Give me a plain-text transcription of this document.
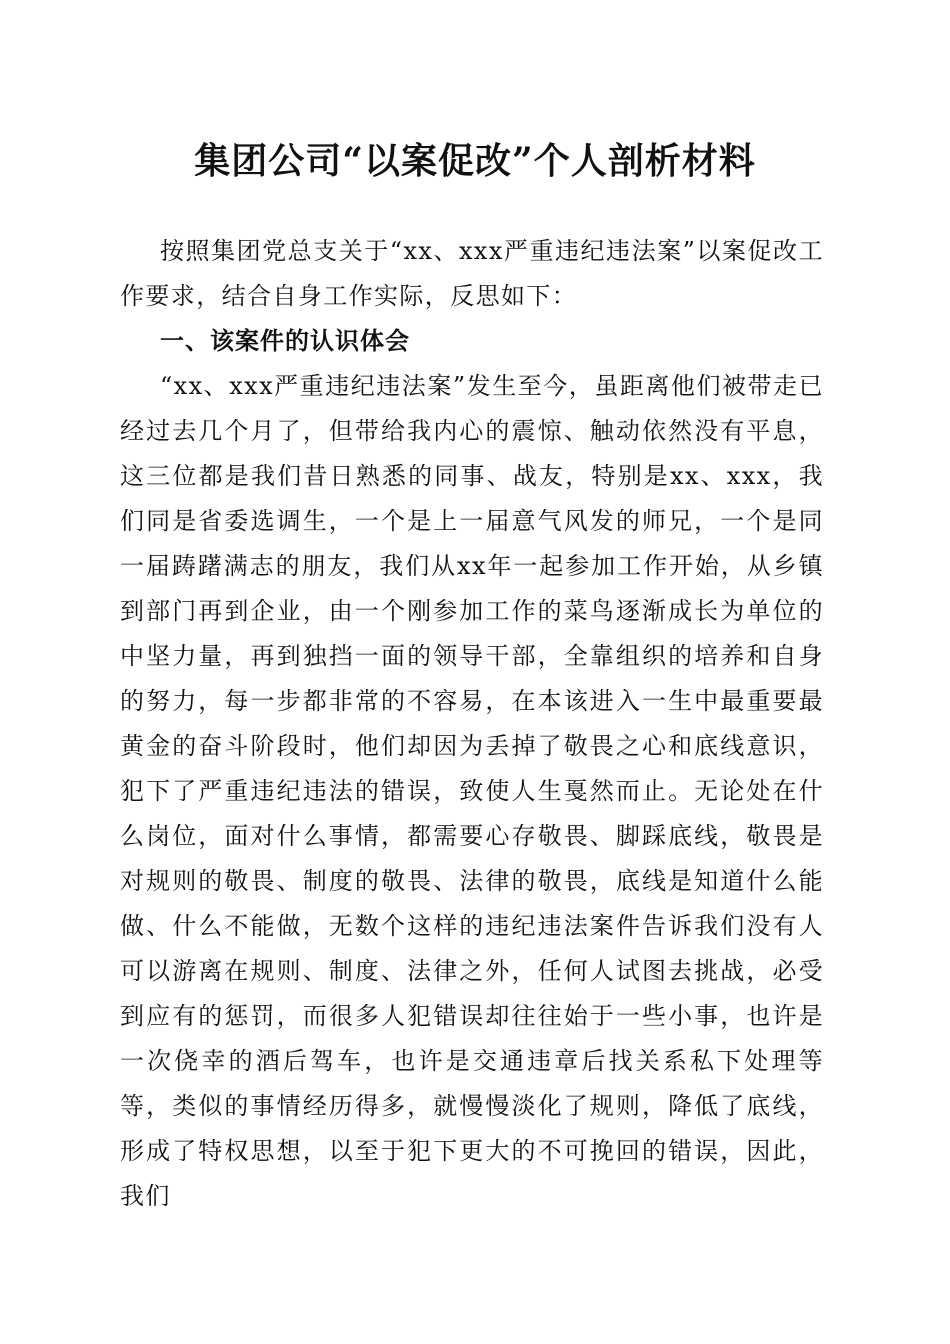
集团公司“以案促改”个人剖析材料

按照集团党总支关于“xx、xxx严重违纪违法案”以案促改工作要求，结合自身工作实际，反思如下：

一、该案件的认识体会

“xx、xxx严重违纪违法案”发生至今，虽距离他们被带走已经过去几个月了，但带给我内心的震惊、触动依然没有平息，这三位都是我们昔日熟悉的同事、战友，特别是xx、xxx，我们同是省委选调生，一个是上一届意气风发的师兄，一个是同一届踌躇满志的朋友，我们从xx年一起参加工作开始，从乡镇到部门再到企业，由一个刚参加工作的菜鸟逐渐成长为单位的中坚力量，再到独挡一面的领导干部，全靠组织的培养和自身的努力，每一步都非常的不容易，在本该进入一生中最重要最黄金的奋斗阶段时，他们却因为丢掉了敬畏之心和底线意识，犯下了严重违纪违法的错误，致使人生戛然而止。无论处在什么岗位，面对什么事情，都需要心存敬畏、脚踩底线，敬畏是对规则的敬畏、制度的敬畏、法律的敬畏，底线是知道什么能做、什么不能做，无数个这样的违纪违法案件告诉我们没有人可以游离在规则、制度、法律之外，任何人试图去挑战，必受到应有的惩罚，而很多人犯错误却往往始于一些小事，也许是一次侥幸的酒后驾车，也许是交通违章后找关系私下处理等等，类似的事情经历得多，就慢慢淡化了规则，降低了底线，形成了特权思想，以至于犯下更大的不可挽回的错误，因此，我们
